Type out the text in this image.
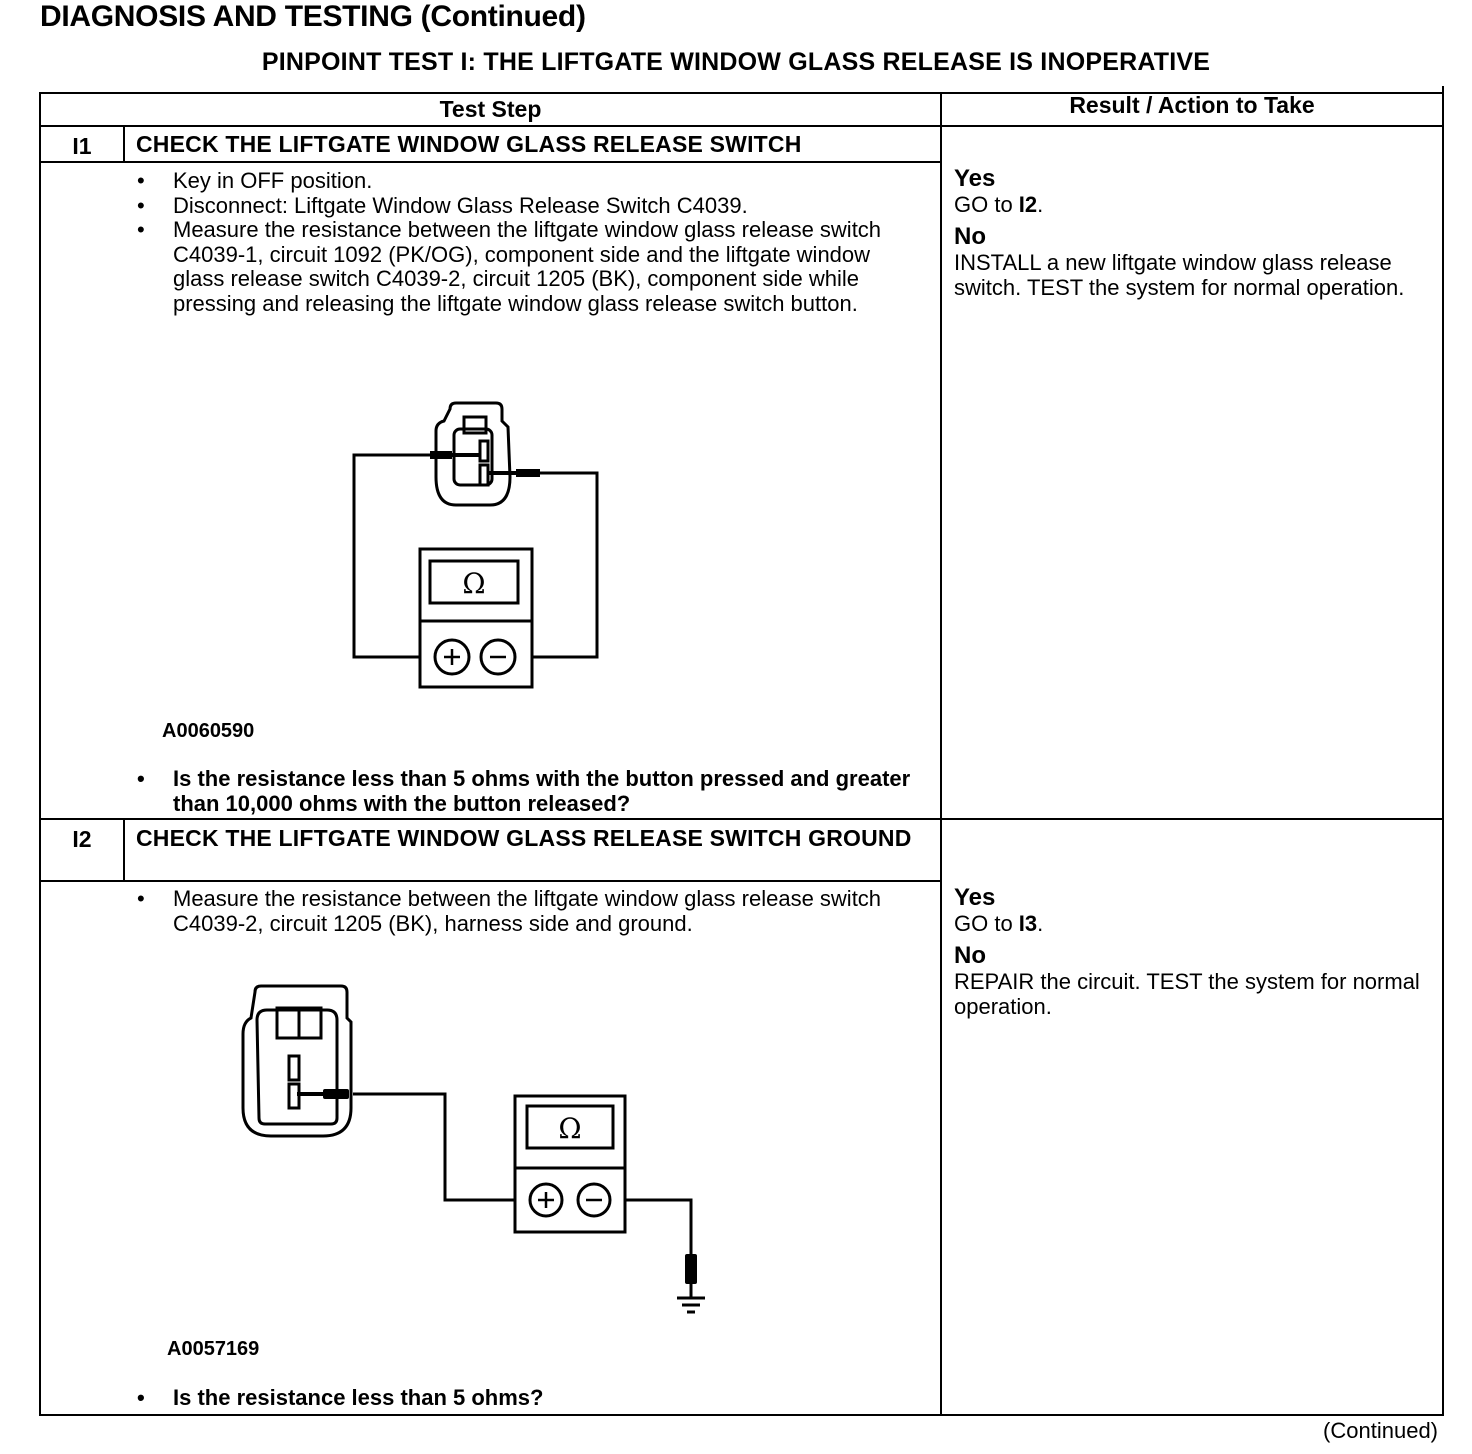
DIAGNOSIS AND TESTING (Continued)
PINPOINT TEST I: THE LIFTGATE WINDOW GLASS RELEASE IS INOPERATIVE
Test Step	Result / Action to Take
I1	CHECK THE LIFTGATE WINDOW GLASS RELEASE SWITCH
• Key in OFF position.
• Disconnect: Liftgate Window Glass Release Switch C4039.
• Measure the resistance between the liftgate window glass release switch C4039-1, circuit 1092 (PK/OG), component side and the liftgate window glass release switch C4039-2, circuit 1205 (BK), component side while pressing and releasing the liftgate window glass release switch button.
Ω
A0060590
• Is the resistance less than 5 ohms with the button pressed and greater than 10,000 ohms with the button released?
Yes
GO to I2.
No
INSTALL a new liftgate window glass release switch. TEST the system for normal operation.
I2	CHECK THE LIFTGATE WINDOW GLASS RELEASE SWITCH GROUND
• Measure the resistance between the liftgate window glass release switch C4039-2, circuit 1205 (BK), harness side and ground.
Ω
A0057169
• Is the resistance less than 5 ohms?
Yes
GO to I3.
No
REPAIR the circuit. TEST the system for normal operation.
(Continued)
